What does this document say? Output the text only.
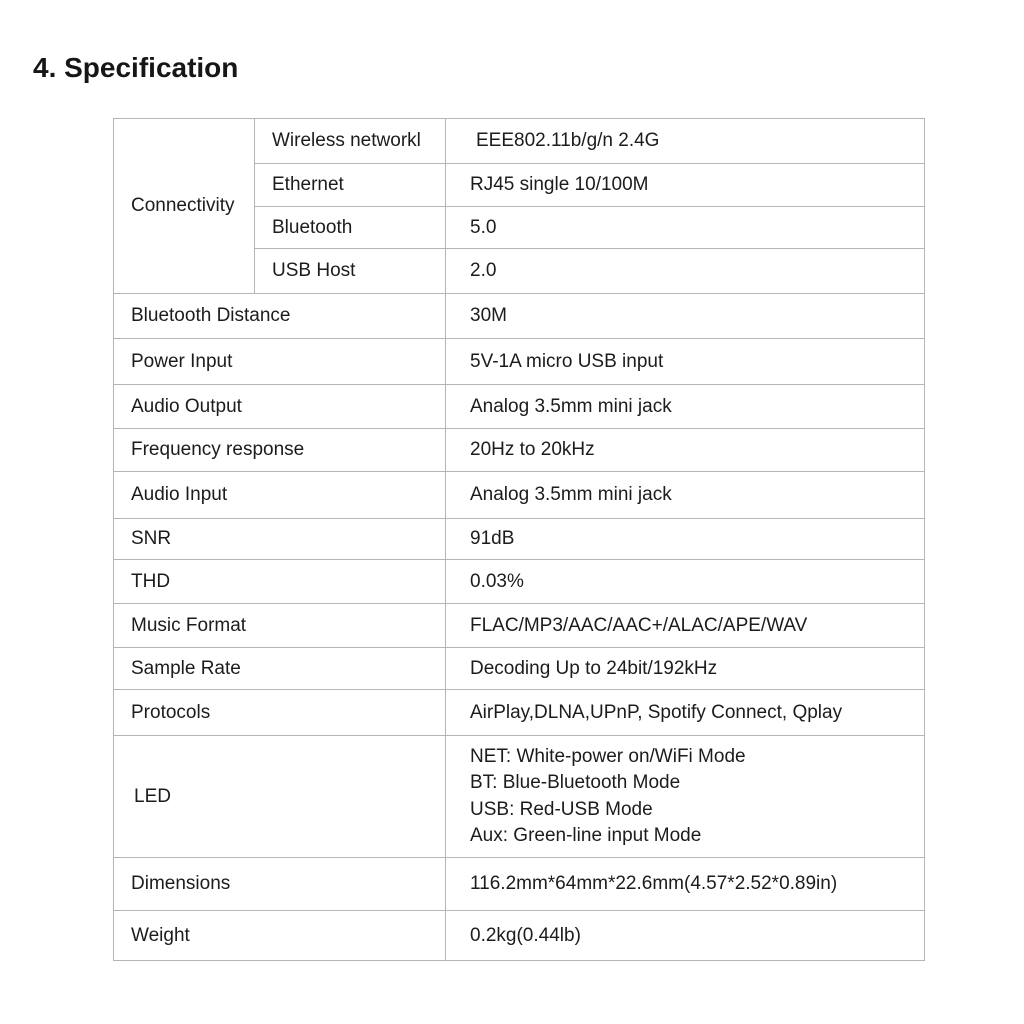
4. Specification
Connectivity	Wireless networkl	EEE802.11b/g/n 2.4G
	Ethernet	RJ45 single 10/100M
	Bluetooth	5.0
	USB Host	2.0
Bluetooth Distance		30M
Power Input		5V-1A micro USB input
Audio Output		Analog 3.5mm mini jack
Frequency response		20Hz to 20kHz
Audio Input		Analog 3.5mm mini jack
SNR		91dB
THD		0.03%
Music Format		FLAC/MP3/AAC/AAC+/ALAC/APE/WAV
Sample Rate		Decoding Up to 24bit/192kHz
Protocols		AirPlay,DLNA,UPnP, Spotify Connect, Qplay
LED		NET: White-power on/WiFi Mode
BT: Blue-Bluetooth Mode
USB: Red-USB Mode
Aux: Green-line input Mode

Dimensions		116.2mm*64mm*22.6mm(4.57*2.52*0.89in)
Weight		0.2kg(0.44lb)
